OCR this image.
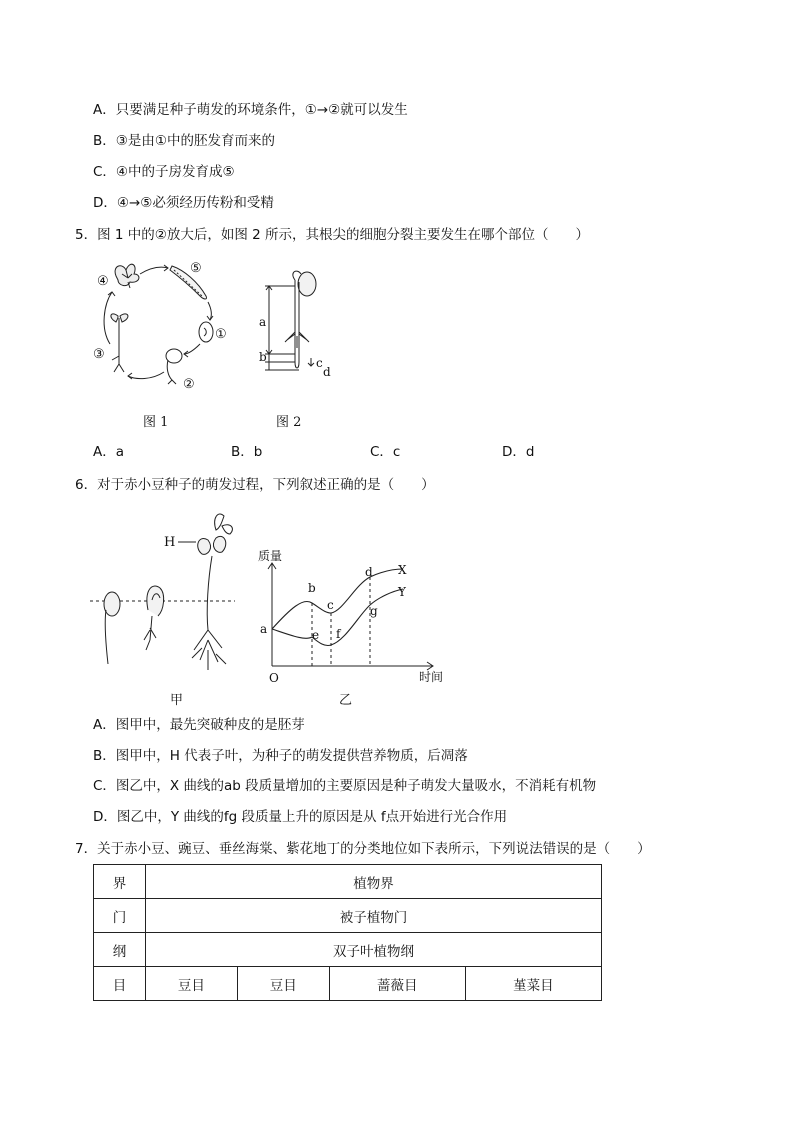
A．只要满足种子萌发的环境条件，①→②就可以发生
B．③是由①中的胚发育而来的
C．④中的子房发育成⑤
D．④→⑤必须经历传粉和受精
5．图 1 中的②放大后，如图 2 所示，其根尖的细胞分裂主要发生在哪个部位（　　）
④
⑤
①
③
②
图 1
a
b	c
d
图 2
A．a	B．b	C．c	D．d
6．对于赤小豆种子的萌发过程，下列叙述正确的是（　　）
H
甲
质量
时间
O
a
b
c
d
e f
g
X
Y
乙
A．图甲中，最先突破种皮的是胚芽
B．图甲中，H 代表子叶，为种子的萌发提供营养物质，后凋落
C．图乙中，X 曲线的ab 段质量增加的主要原因是种子萌发大量吸水，不消耗有机物
D．图乙中，Y 曲线的fg 段质量上升的原因是从 f点开始进行光合作用
7．关于赤小豆、豌豆、垂丝海棠、紫花地丁的分类地位如下表所示，下列说法错误的是（　　）
界	植物界			
门	被子植物门			
纲	双子叶植物纲			
目	豆目	豆目	蔷薇目	堇菜目
